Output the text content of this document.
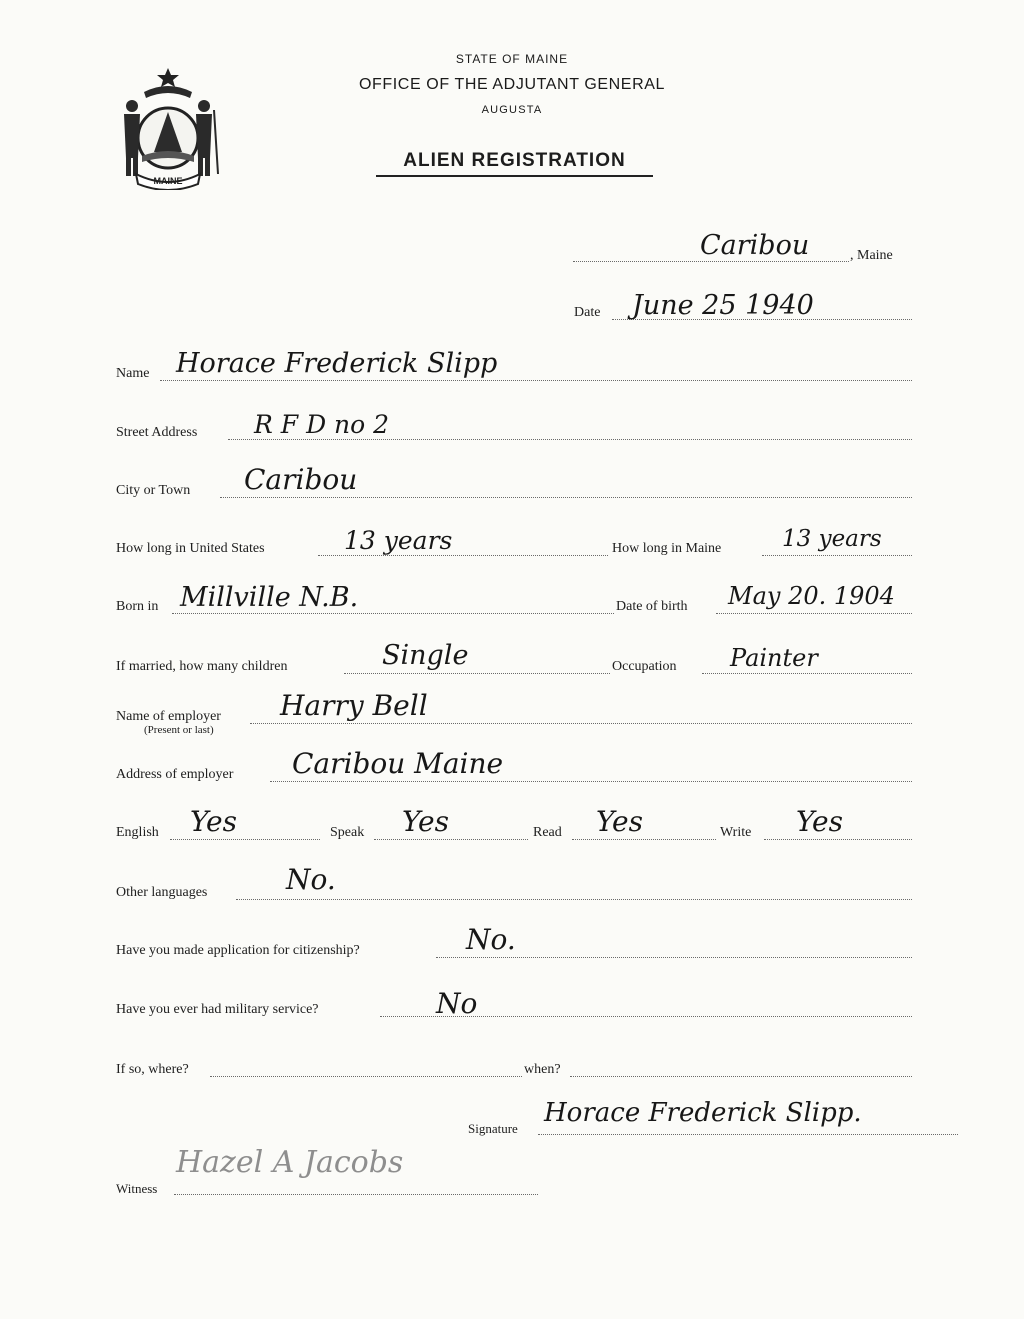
MAINE
STATE OF MAINE
OFFICE OF THE ADJUTANT GENERAL
AUGUSTA
ALIEN REGISTRATION
Caribou	, Maine
Date June 25 1940
Name Horace Frederick Slipp
Street Address R F D no 2
City or Town Caribou
How long in United States	13 years	How long in Maine	13 years
Born in Millville N.B.	Date of birth May 20. 1904
If married, how many children	Single	Occupation Painter
Name of employer
(Present or last)
Harry Bell
Address of employer Caribou Maine
English Yes	Speak Yes	Read Yes	Write Yes
Other languages	No.
Have you made application for citizenship?	No.
Have you ever had military service?	No
If so, where?	when?
Signature
Horace Frederick Slipp.
Witness
Hazel A Jacobs
